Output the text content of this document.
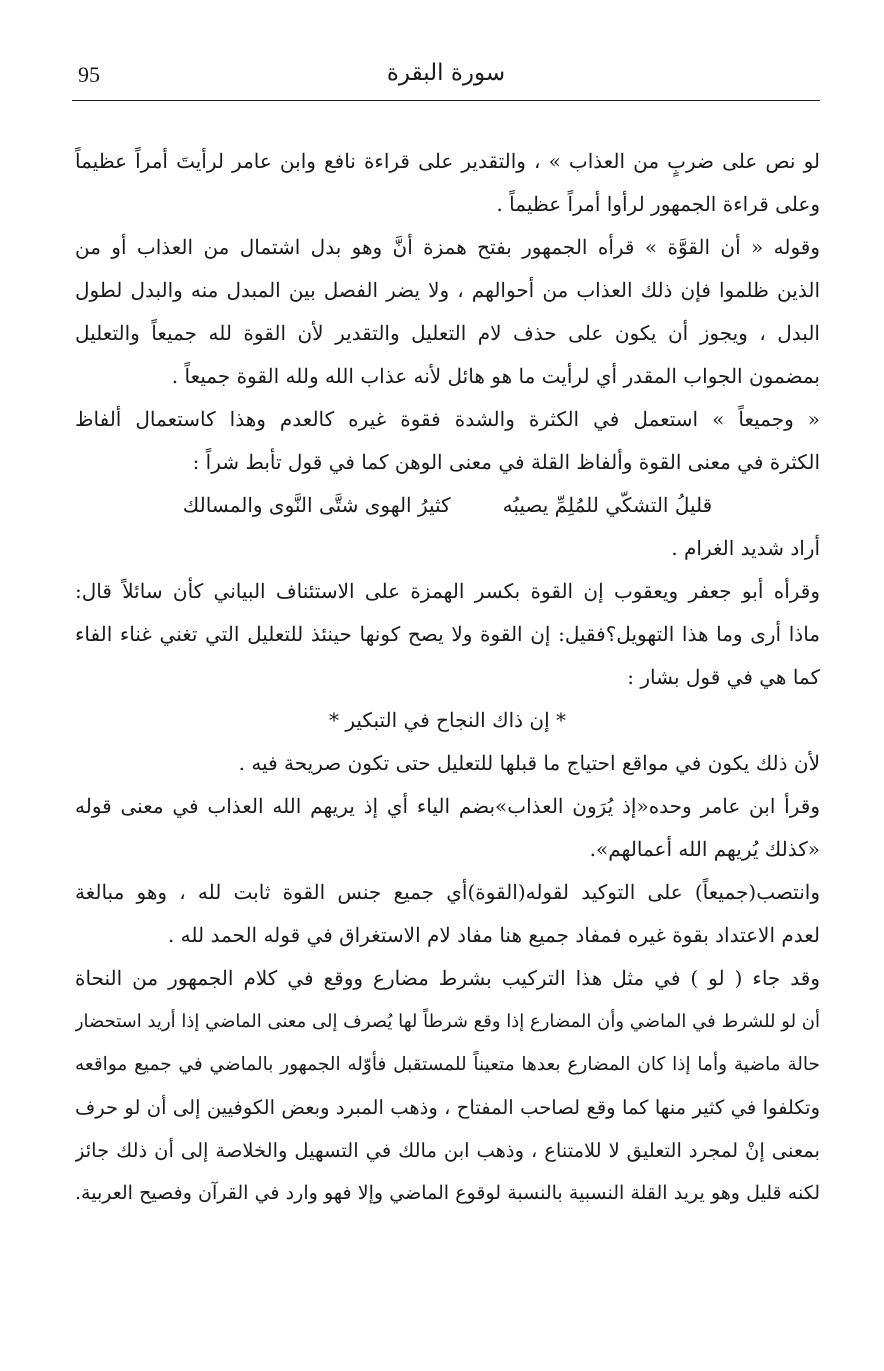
95	سورة البقرة
لو نص على ضربٍ من العذاب » ، والتقدير على قراءة نافع وابن عامر لرأيتَ أمراً عظيماً
وعلى قراءة الجمهور لرأوا أمراً عظيماً .
وقوله « أن القوَّة » قرأه الجمهور بفتح همزة أنَّ وهو بدل اشتمال من العذاب أو من
الذين ظلموا فإن ذلك العذاب من أحوالهم ، ولا يضر الفصل بين المبدل منه والبدل لطول
البدل ، ويجوز أن يكون على حذف لام التعليل والتقدير لأن القوة لله جميعاً والتعليل
بمضمون الجواب المقدر أي لرأيت ما هو هائل لأنه عذاب الله ولله القوة جميعاً .
« وجميعاً » استعمل في الكثرة والشدة فقوة غيره كالعدم وهذا كاستعمال ألفاظ
الكثرة في معنى القوة وألفاظ القلة في معنى الوهن كما في قول تأبط شراً :
قليلُ التشكّي للمُلِمِّ يصيبُه
كثيرُ الهوى شتَّى النَّوى والمسالك
أراد شديد الغرام .
وقرأه أبو جعفر ويعقوب إن القوة بكسر الهمزة على الاستئناف البياني كأن سائلاً قال:
ماذا أرى وما هذا التهويل؟فقيل: إن القوة ولا يصح كونها حينئذ للتعليل التي تغني غناء الفاء
كما هي في قول بشار :
* إن ذاك النجاح في التبكير *
لأن ذلك يكون في مواقع احتياج ما قبلها للتعليل حتى تكون صريحة فيه .
وقرأ ابن عامر وحده«إذ يُرَون العذاب»بضم الياء أي إذ يريهم الله العذاب في معنى قوله
«كذلك يُريهم الله أعمالهم».
وانتصب(جميعاً) على التوكيد لقوله(القوة)أي جميع جنس القوة ثابت لله ، وهو مبالغة
لعدم الاعتداد بقوة غيره فمفاد جميع هنا مفاد لام الاستغراق في قوله الحمد لله .
وقد جاء ( لو ) في مثل هذا التركيب بشرط مضارع ووقع في كلام الجمهور من النحاة
أن لو للشرط في الماضي وأن المضارع إذا وقع شرطاً لها يُصرف إلى معنى الماضي إذا أريد استحضار
حالة ماضية وأما إذا كان المضارع بعدها متعيناً للمستقبل فأوّله الجمهور بالماضي في جميع مواقعه
وتكلفوا في كثير منها كما وقع لصاحب المفتاح ، وذهب المبرد وبعض الكوفيين إلى أن لو حرف
بمعنى إنْ لمجرد التعليق لا للامتناع ، وذهب ابن مالك في التسهيل والخلاصة إلى أن ذلك جائز
لكنه قليل وهو يريد القلة النسبية بالنسبة لوقوع الماضي وإلا فهو وارد في القرآن وفصيح العربية.
